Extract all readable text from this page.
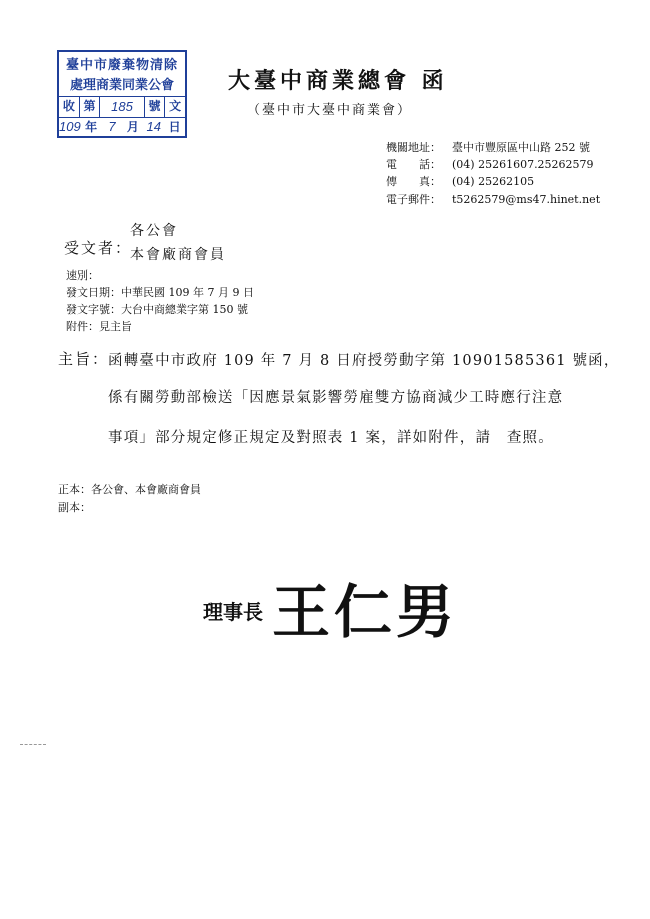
臺中市廢棄物清除
處理商業同業公會
收 第	185	號 文
109 年 7 月 14 日
大臺中商業總會 函
（臺中市大臺中商業會）
機關地址： 臺中市豐原區中山路 252 號
電　　話： (04) 25261607.25262579
傳　　真： (04) 25262105
電子郵件： t5262579@ms47.hinet.net
受文者：
各公會
本會廠商會員
速別：
發文日期：中華民國 109 年 7 月 9 日
發文字號：大台中商總業字第 150 號
附件：見主旨
主旨：
函轉臺中市政府 109 年 7 月 8 日府授勞動字第 10901585361 號函，
係有關勞動部檢送「因應景氣影響勞雇雙方協商減少工時應行注意
事項」部分規定修正規定及對照表 1 案，詳如附件，請　查照。
正本：各公會、本會廠商會員
副本：
理事長 王仁男
